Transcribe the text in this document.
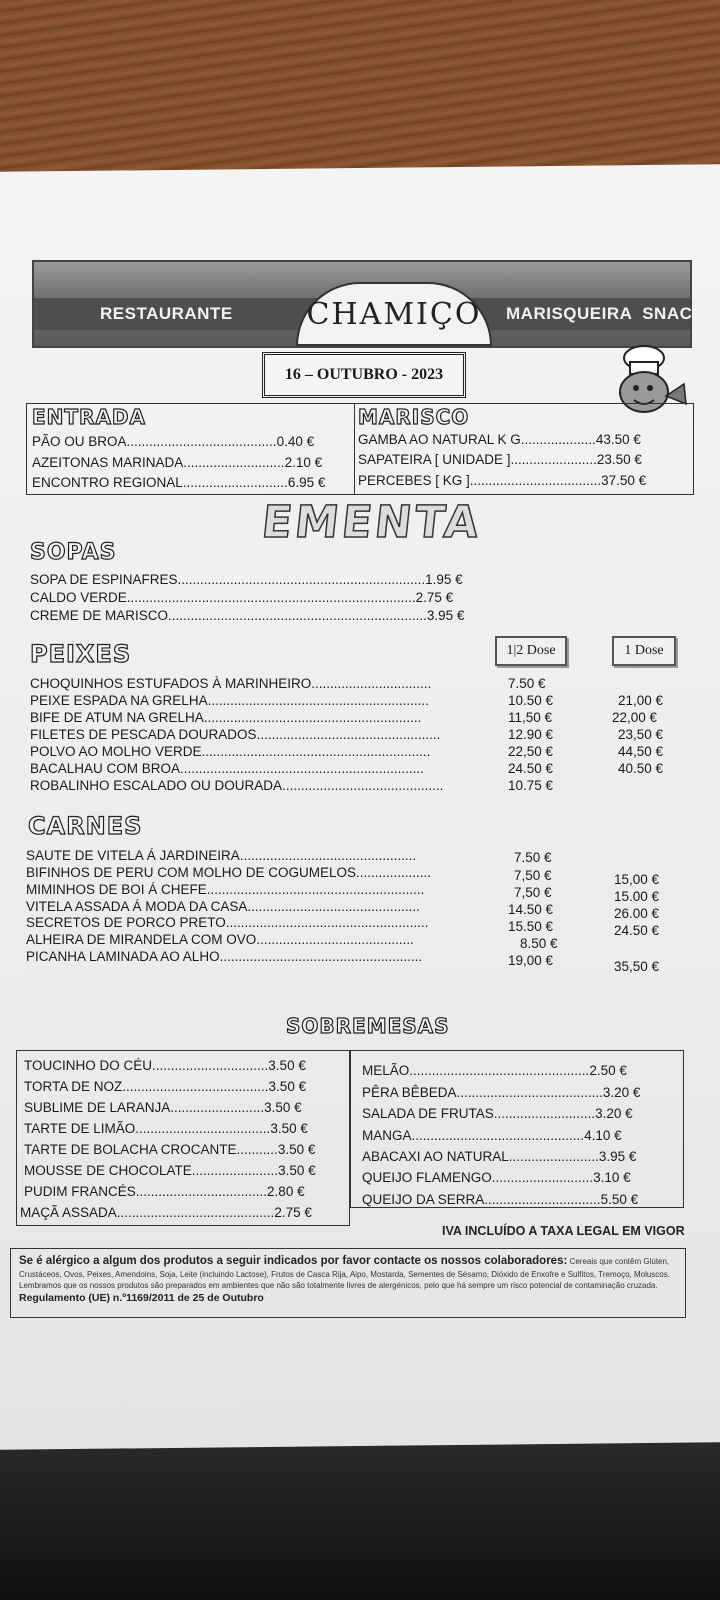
RESTAURANTE CHAMIÇO MARISQUEIRA  SNACK
16 – OUTUBRO - 2023
ENTRADA	MARISCO
PÃO OU BROA........................................0.40 €
AZEITONAS MARINADA...........................2.10 €
ENCONTRO REGIONAL............................6.95 €
GAMBA AO NATURAL K G....................43.50 €
SAPATEIRA [ UNIDADE ].......................23.50 €
PERCEBES [ KG ]...................................37.50 €
EMENTA
SOPAS
SOPA DE ESPINAFRES..................................................................1.95 €
CALDO VERDE.............................................................................2.75 €
CREME DE MARISCO.....................................................................3.95 €
PEIXES	1|2 Dose	1 Dose
CHOQUINHOS ESTUFADOS À MARINHEIRO................................	7.50 €
PEIXE ESPADA NA GRELHA...........................................................	10.50 €	21,00 €
BIFE DE ATUM NA GRELHA..........................................................	11,50 €	22,00 €
FILETES DE PESCADA DOURADOS.................................................	12.90 €	23,50 €
POLVO AO MOLHO VERDE.............................................................	22,50 €	44,50 €
BACALHAU COM BROA.................................................................	24.50 €	40.50 €
ROBALINHO ESCALADO OU DOURADA...........................................	10.75 €
CARNES
SAUTE DE VITELA Á JARDINEIRA...............................................	7.50 €
BIFINHOS DE PERU COM MOLHO DE COGUMELOS....................	7,50 €	15,00 €
MIMINHOS DE BOI Á CHEFE..........................................................	7,50 €	15.00 €
VITELA ASSADA Á MODA DA CASA..............................................	14.50 €	26.00 €
SECRETOS DE PORCO PRETO......................................................	15.50 €	24.50 €
ALHEIRA DE MIRANDELA COM OVO..........................................	8.50 €
PICANHA LAMINADA AO ALHO......................................................	19,00 €	35,50 €
SOBREMESAS
TOUCINHO DO CÉU...............................3.50 €
TORTA DE NOZ.......................................3.50 €
SUBLIME DE LARANJA.........................3.50 €
TARTE DE LIMÃO....................................3.50 €
TARTE DE BOLACHA CROCANTE...........3.50 €
MOUSSE DE CHOCOLATE.......................3.50 €
PUDIM FRANCÉS...................................2.80 €
MAÇÃ ASSADA..........................................2.75 €
MELÃO................................................2.50 €
PÊRA BÊBEDA.......................................3.20 €
SALADA DE FRUTAS...........................3.20 €
MANGA..............................................4.10 €
ABACAXI AO NATURAL........................3.95 €
QUEIJO FLAMENGO...........................3.10 €
QUEIJO DA SERRA...............................5.50 €
IVA INCLUÍDO A TAXA LEGAL EM VIGOR
Se é alérgico a algum dos produtos a seguir indicados por favor contacte os nossos colaboradores: Cereais que contêm Glúten, Crustáceos, Ovos, Peixes, Amendoins, Soja, Leite (incluindo Lactose), Frutos de Casca Rija, Aipo, Mostarda, Sementes de Sésamo, Dióxido de Enxofre e Sulfitos, Tremoço, Moluscos. Lembramos que os nossos produtos são preparados em ambientes que não são totalmente livres de alergénicos, pelo que há sempre um risco potencial de contaminação cruzada. Regulamento (UE) n.º1169/2011 de 25 de Outubro
